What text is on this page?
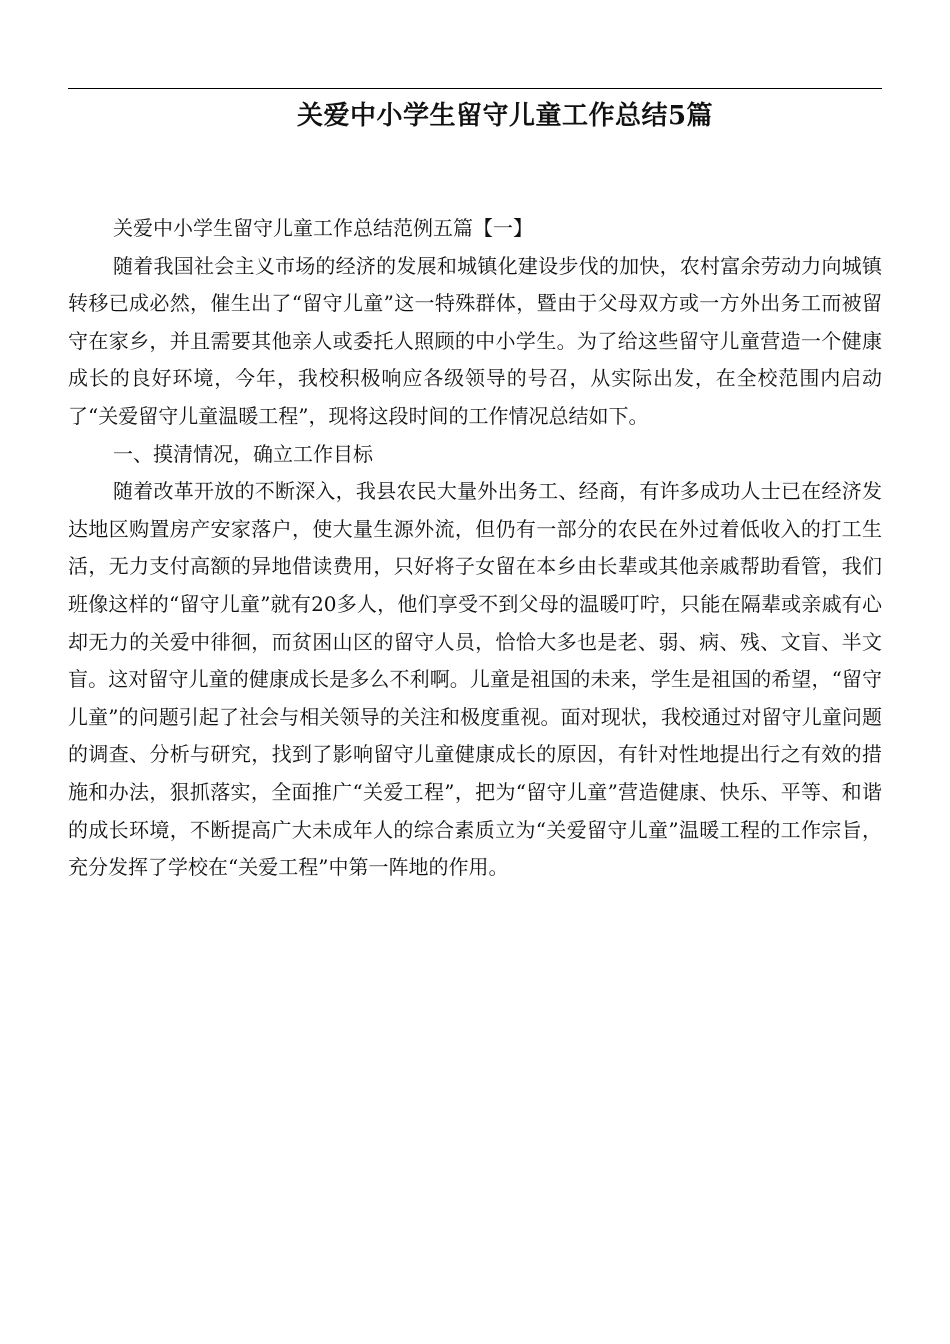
关爱中小学生留守儿童工作总结5篇

关爱中小学生留守儿童工作总结范例五篇【一】

随着我国社会主义市场的经济的发展和城镇化建设步伐的加快，农村富余劳动力向城镇转移已成必然，催生出了“留守儿童”这一特殊群体，暨由于父母双方或一方外出务工而被留守在家乡，并且需要其他亲人或委托人照顾的中小学生。为了给这些留守儿童营造一个健康成长的良好环境，今年，我校积极响应各级领导的号召，从实际出发，在全校范围内启动了“关爱留守儿童温暖工程”，现将这段时间的工作情况总结如下。

一、摸清情况，确立工作目标

随着改革开放的不断深入，我县农民大量外出务工、经商，有许多成功人士已在经济发达地区购置房产安家落户，使大量生源外流，但仍有一部分的农民在外过着低收入的打工生活，无力支付高额的异地借读费用，只好将子女留在本乡由长辈或其他亲戚帮助看管，我们班像这样的“留守儿童”就有20多人，他们享受不到父母的温暖叮咛，只能在隔辈或亲戚有心却无力的关爱中徘徊，而贫困山区的留守人员，恰恰大多也是老、弱、病、残、文盲、半文盲。这对留守儿童的健康成长是多么不利啊。儿童是祖国的未来，学生是祖国的希望，“留守儿童”的问题引起了社会与相关领导的关注和极度重视。面对现状，我校通过对留守儿童问题的调查、分析与研究，找到了影响留守儿童健康成长的原因，有针对性地提出行之有效的措施和办法，狠抓落实，全面推广“关爱工程”，把为“留守儿童”营造健康、快乐、平等、和谐的成长环境，不断提高广大未成年人的综合素质立为“关爱留守儿童”温暖工程的工作宗旨，充分发挥了学校在“关爱工程”中第一阵地的作用。
